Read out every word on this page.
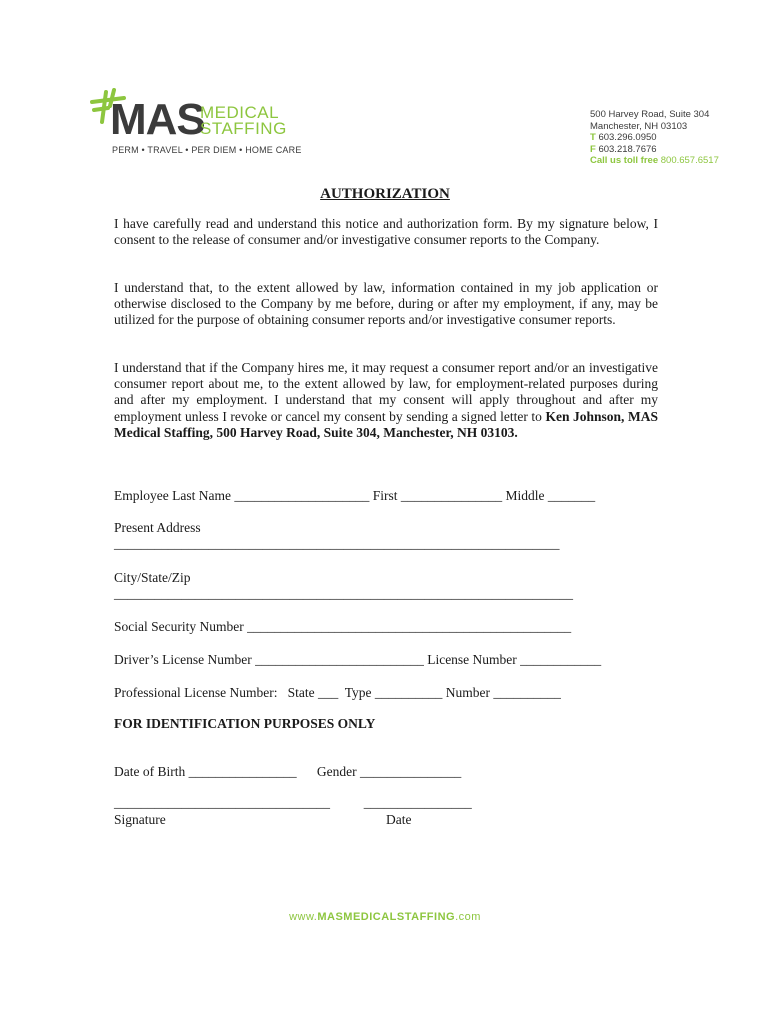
MAS
MEDICAL
STAFFING
PERM • TRAVEL • PER DIEM • HOME CARE
500 Harvey Road, Suite 304
Manchester, NH 03103
T 603.296.0950
F 603.218.7676
Call us toll free 800.657.6517
AUTHORIZATION
I have carefully read and understand this notice and authorization form. By my signature below, I consent to the release of consumer and/or investigative consumer reports to the Company.
I understand that, to the extent allowed by law, information contained in my job application or otherwise disclosed to the Company by me before, during or after my employment, if any, may be utilized for the purpose of obtaining consumer reports and/or investigative consumer reports.
I understand that if the Company hires me, it may request a consumer report and/or an investigative consumer report about me, to the extent allowed by law, for employment-related purposes during and after my employment. I understand that my consent will apply throughout and after my employment unless I revoke or cancel my consent by sending a signed letter to Ken Johnson, MAS Medical Staffing, 500 Harvey Road, Suite 304, Manchester, NH 03103.
Employee Last Name ____________________ First _______________ Middle _______
Present Address
__________________________________________________________________
City/State/Zip
____________________________________________________________________
Social Security Number ________________________________________________
Driver’s License Number _________________________ License Number ____________
Professional License Number:   State ___  Type __________ Number __________
FOR IDENTIFICATION PURPOSES ONLY
Date of Birth ________________      Gender _______________
________________________________          ________________
Signature	Date
www.MASMEDICALSTAFFING.com
